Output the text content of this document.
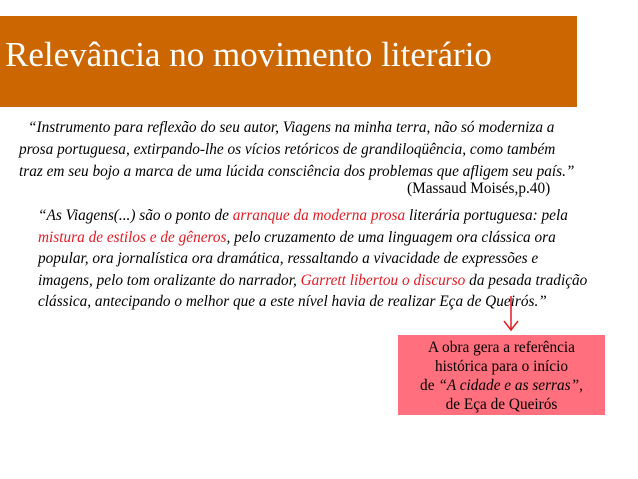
Relevância no movimento literário
“Instrumento para reflexão do seu autor, Viagens na minha terra, não só moderniza a
prosa portuguesa, extirpando-lhe os vícios retóricos de grandiloqüência, como também
traz em seu bojo a marca de uma lúcida consciência dos problemas que afligem seu país.”
(Massaud Moisés,p.40)
“As Viagens(...) são o ponto de arranque da moderna prosa literária portuguesa: pela
mistura de estilos e de gêneros, pelo cruzamento de uma linguagem ora clássica ora
popular, ora jornalística ora dramática, ressaltando a vivacidade de expressões e
imagens, pelo tom oralizante do narrador, Garrett libertou o discurso da pesada tradição
clássica, antecipando o melhor que a este nível havia de realizar Eça de Queirós.”
A obra gera a referência
histórica para o início
de “A cidade e as serras”,
de Eça de Queirós
